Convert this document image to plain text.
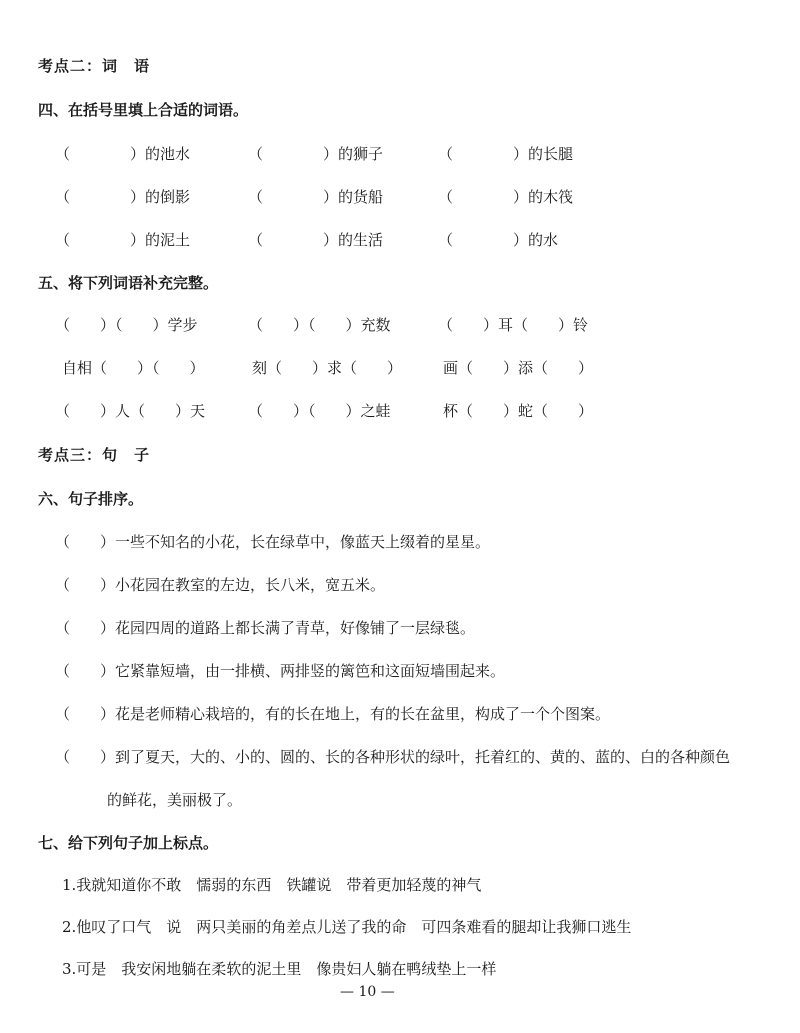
考点二：词　语
四、在括号里填上合适的词语。
（　　　　）的池水	（　　　　）的狮子	（　　　　）的长腿
（　　　　）的倒影	（　　　　）的货船	（　　　　）的木筏
（　　　　）的泥土	（　　　　）的生活	（　　　　）的水
五、将下列词语补充完整。
（　　）（　　）学步	（　　）（　　）充数	（　　）耳（　　）铃
自相（　　）（　　）	刻（　　）求（　　）	画（　　）添（　　）
（　　）人（　　）天	（　　）（　　）之蛙	杯（　　）蛇（　　）
考点三：句　子
六、句子排序。
（　　）一些不知名的小花，长在绿草中，像蓝天上缀着的星星。
（　　）小花园在教室的左边，长八米，宽五米。
（　　）花园四周的道路上都长满了青草，好像铺了一层绿毯。
（　　）它紧靠短墙，由一排横、两排竖的篱笆和这面短墙围起来。
（　　）花是老师精心栽培的，有的长在地上，有的长在盆里，构成了一个个图案。
（　　）到了夏天，大的、小的、圆的、长的各种形状的绿叶，托着红的、黄的、蓝的、白的各种颜色
的鲜花，美丽极了。
七、给下列句子加上标点。
1.我就知道你不敢　懦弱的东西　铁罐说　带着更加轻蔑的神气
2.他叹了口气　说　两只美丽的角差点儿送了我的命　可四条难看的腿却让我狮口逃生
3.可是　我安闲地躺在柔软的泥土里　像贵妇人躺在鸭绒垫上一样
— 10 —
